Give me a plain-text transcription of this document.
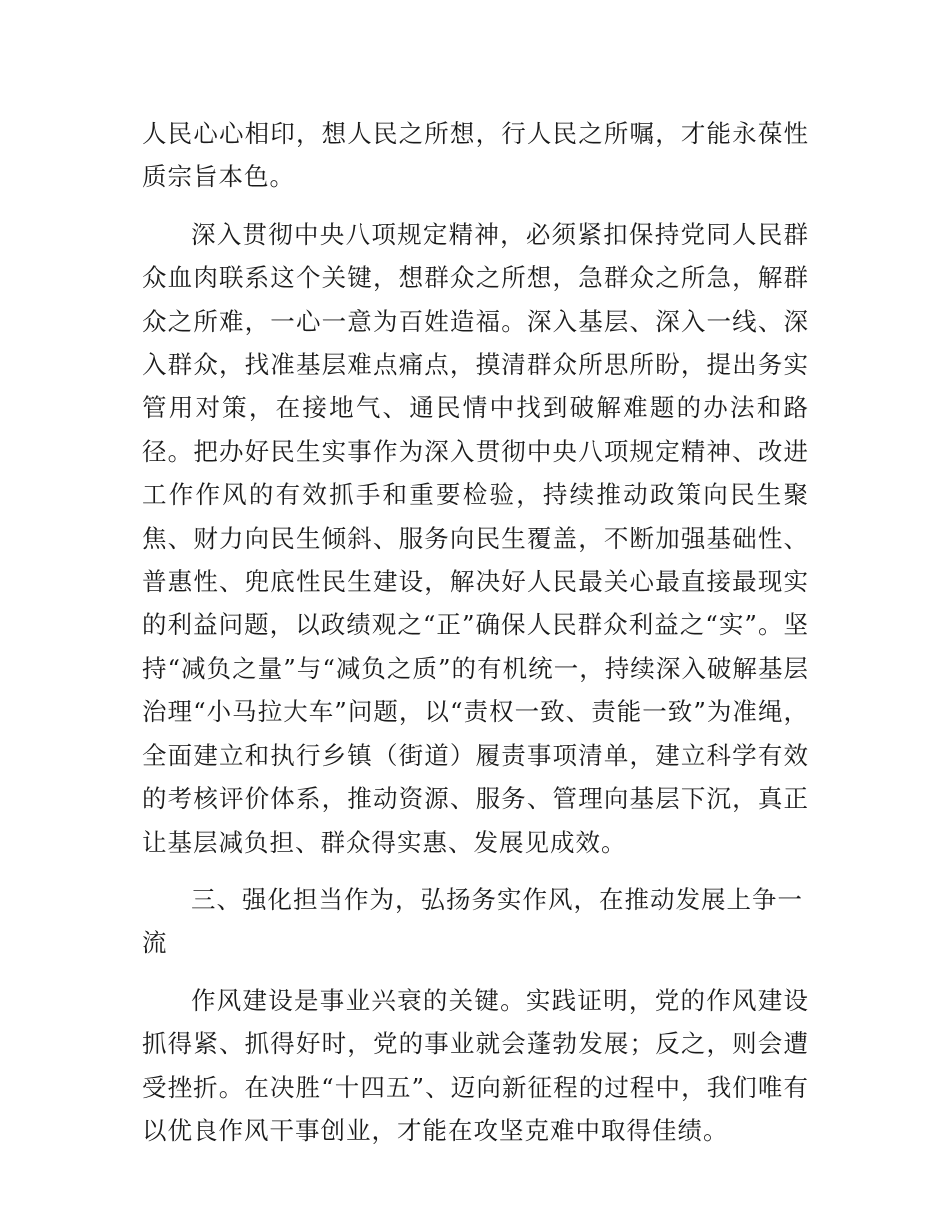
人民心心相印，想人民之所想，行人民之所嘱，才能永葆性质宗旨本色。

深入贯彻中央八项规定精神，必须紧扣保持党同人民群众血肉联系这个关键，想群众之所想，急群众之所急，解群众之所难，一心一意为百姓造福。深入基层、深入一线、深入群众，找准基层难点痛点，摸清群众所思所盼，提出务实管用对策，在接地气、通民情中找到破解难题的办法和路径。把办好民生实事作为深入贯彻中央八项规定精神、改进工作作风的有效抓手和重要检验，持续推动政策向民生聚焦、财力向民生倾斜、服务向民生覆盖，不断加强基础性、普惠性、兜底性民生建设，解决好人民最关心最直接最现实的利益问题，以政绩观之“正”确保人民群众利益之“实”。坚持“减负之量”与“减负之质”的有机统一，持续深入破解基层治理“小马拉大车”问题，以“责权一致、责能一致”为准绳，全面建立和执行乡镇（街道）履责事项清单，建立科学有效的考核评价体系，推动资源、服务、管理向基层下沉，真正让基层减负担、群众得实惠、发展见成效。

三、强化担当作为，弘扬务实作风，在推动发展上争一流

作风建设是事业兴衰的关键。实践证明，党的作风建设抓得紧、抓得好时，党的事业就会蓬勃发展；反之，则会遭受挫折。在决胜“十四五”、迈向新征程的过程中，我们唯有以优良作风干事创业，才能在攻坚克难中取得佳绩。
